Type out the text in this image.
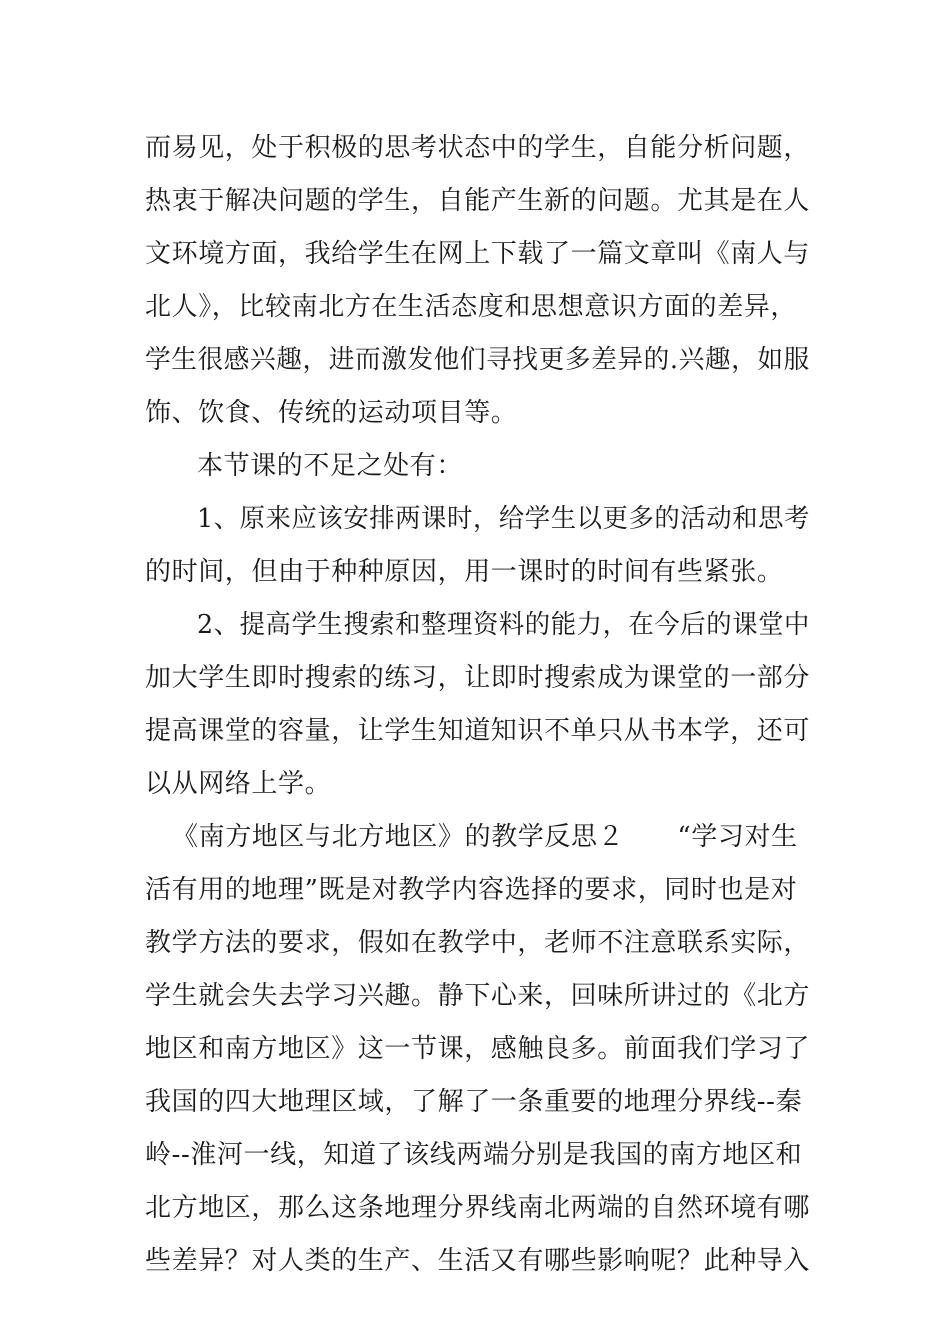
而易见，处于积极的思考状态中的学生，自能分析问题，
热衷于解决问题的学生，自能产生新的问题。尤其是在人
文环境方面，我给学生在网上下载了一篇文章叫《南人与
北人》，比较南北方在生活态度和思想意识方面的差异，
学生很感兴趣，进而激发他们寻找更多差异的.兴趣，如服
饰、饮食、传统的运动项目等。
本节课的不足之处有：
1、原来应该安排两课时，给学生以更多的活动和思考
的时间，但由于种种原因，用一课时的时间有些紧张。
2、提高学生搜索和整理资料的能力，在今后的课堂中
加大学生即时搜索的练习，让即时搜索成为课堂的一部分
提高课堂的容量，让学生知道知识不单只从书本学，还可
以从网络上学。
《南方地区与北方地区》的教学反思２　　“学习对生
活有用的地理”既是对教学内容选择的要求，同时也是对
教学方法的要求，假如在教学中，老师不注意联系实际，
学生就会失去学习兴趣。静下心来，回味所讲过的《北方
地区和南方地区》这一节课，感触良多。前面我们学习了
我国的四大地理区域，了解了一条重要的地理分界线--秦
岭--淮河一线，知道了该线两端分别是我国的南方地区和
北方地区，那么这条地理分界线南北两端的自然环境有哪
些差异？对人类的生产、生活又有哪些影响呢？此种导入
